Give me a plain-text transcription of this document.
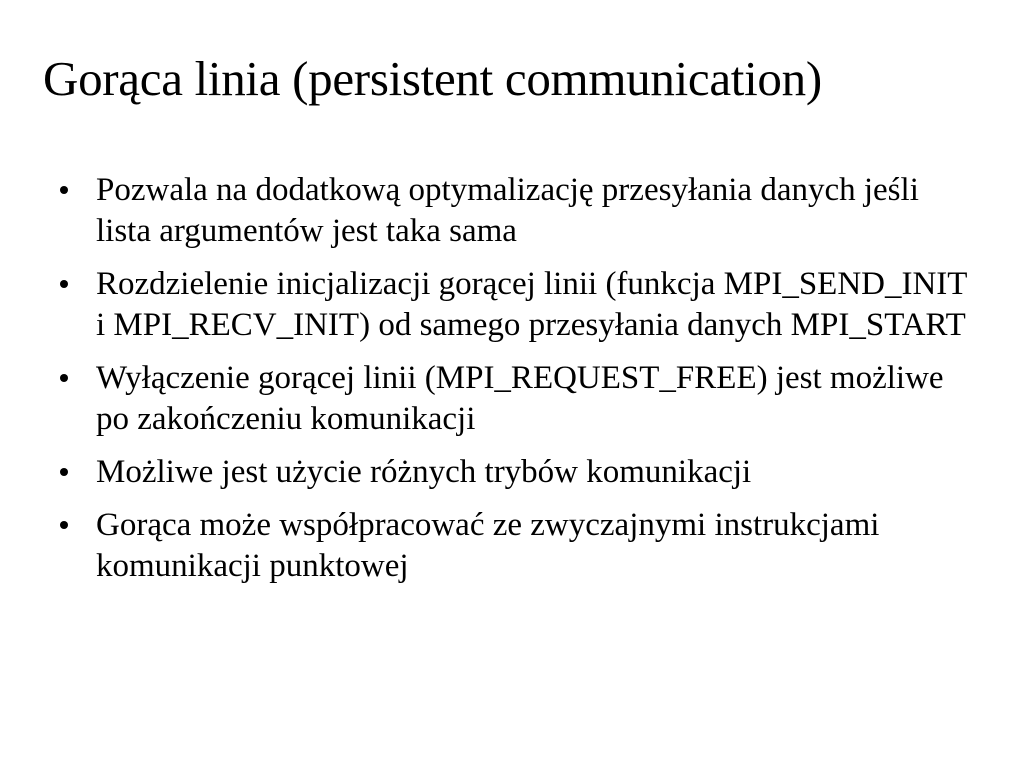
Gorąca linia (persistent communication)
Pozwala na dodatkową optymalizację przesyłania danych jeśli lista argumentów jest taka sama
Rozdzielenie inicjalizacji gorącej linii (funkcja MPI_SEND_INIT i MPI_RECV_INIT) od samego przesyłania danych MPI_START
Wyłączenie gorącej linii (MPI_REQUEST_FREE) jest możliwe po zakończeniu komunikacji
Możliwe jest użycie różnych trybów komunikacji
Gorąca może współpracować ze zwyczajnymi instrukcjami komunikacji punktowej
